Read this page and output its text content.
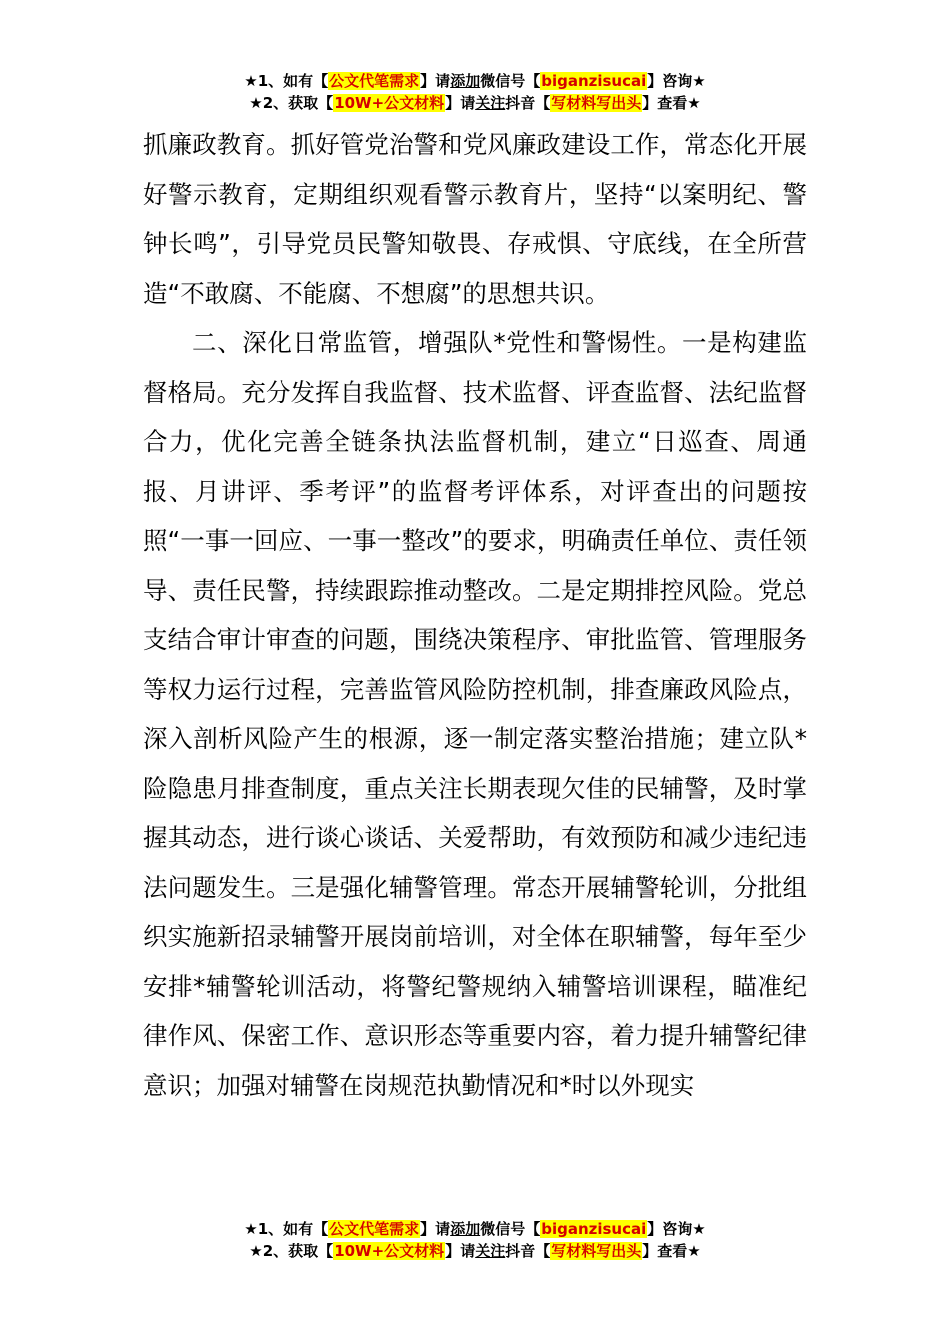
★1、如有【公文代笔需求】请添加微信号【biganzisucai】咨询★
★2、获取【10W+公文材料】请关注抖音【写材料写出头】查看★

抓廉政教育。抓好管党治警和党风廉政建设工作，常态化开展好警示教育，定期组织观看警示教育片，坚持“以案明纪、警钟长鸣”，引导党员民警知敬畏、存戒惧、守底线，在全所营造“不敢腐、不能腐、不想腐”的思想共识。

二、深化日常监管，增强队*党性和警惕性。一是构建监督格局。充分发挥自我监督、技术监督、评查监督、法纪监督合力，优化完善全链条执法监督机制，建立“日巡查、周通报、月讲评、季考评”的监督考评体系，对评查出的问题按照“一事一回应、一事一整改”的要求，明确责任单位、责任领导、责任民警，持续跟踪推动整改。二是定期排控风险。党总支结合审计审查的问题，围绕决策程序、审批监管、管理服务等权力运行过程，完善监管风险防控机制，排查廉政风险点，深入剖析风险产生的根源，逐一制定落实整治措施；建立队*险隐患月排查制度，重点关注长期表现欠佳的民辅警，及时掌握其动态，进行谈心谈话、关爱帮助，有效预防和减少违纪违法问题发生。三是强化辅警管理。常态开展辅警轮训，分批组织实施新招录辅警开展岗前培训，对全体在职辅警，每年至少安排*辅警轮训活动，将警纪警规纳入辅警培训课程，瞄准纪律作风、保密工作、意识形态等重要内容，着力提升辅警纪律意识；加强对辅警在岗规范执勤情况和*时以外现实

★1、如有【公文代笔需求】请添加微信号【biganzisucai】咨询★
★2、获取【10W+公文材料】请关注抖音【写材料写出头】查看★
